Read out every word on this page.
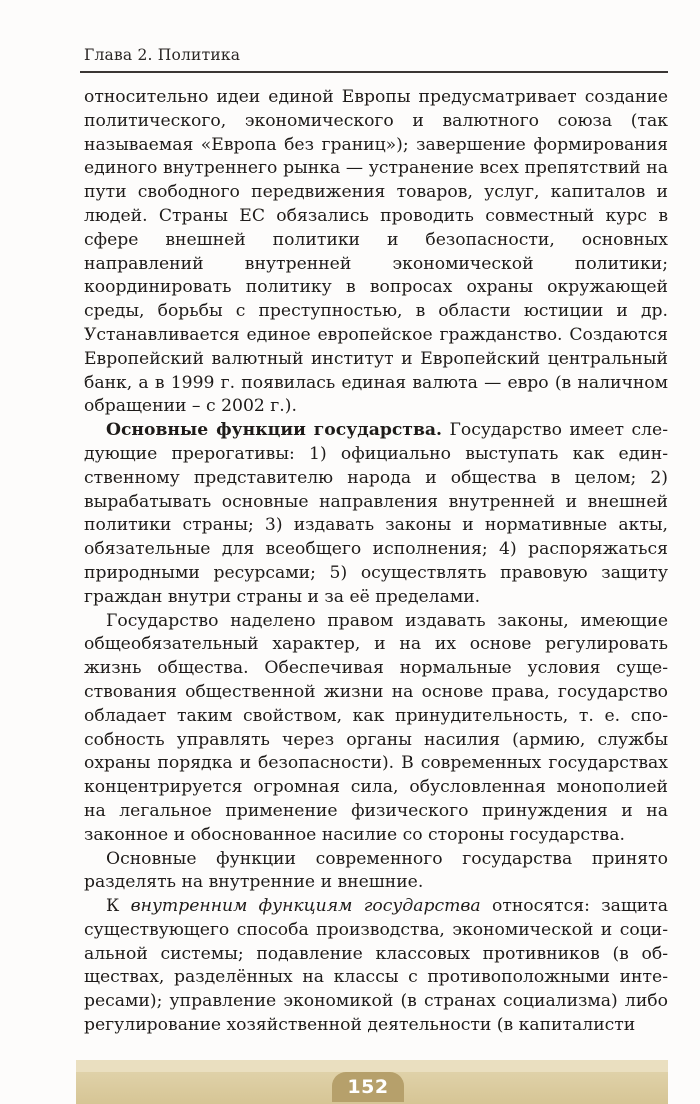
Глава 2. Политика

относительно идеи единой Европы предусматривает создание политического, экономического и валютного союза (так называемая «Европа без границ»); завершение формирования единого внутреннего рынка — устранение всех препятствий на пути свободного передвижения товаров, услуг, капиталов и людей. Страны ЕС обязались проводить совместный курс в сфере внешней политики и безопасности, основных направлений внутренней экономической политики; координировать политику в вопросах охраны окружающей среды, борьбы с преступностью, в области юстиции и др. Устанавливается единое европейское гражданство. Создаются Европейский валютный институт и Европейский центральный банк, а в 1999 г. появилась единая валюта — евро (в наличном обращении – с 2002 г.).

Основные функции государства. Государство имеет следующие прерогативы: 1) официально выступать как единственному представителю народа и общества в целом; 2) вырабатывать основные направления внутренней и внешней политики страны; 3) издавать законы и нормативные акты, обязательные для всеобщего исполнения; 4) распоряжаться природными ресурсами; 5) осуществлять правовую защиту граждан внутри страны и за её пределами.

Государство наделено правом издавать законы, имеющие общеобязательный характер, и на их основе регулировать жизнь общества. Обеспечивая нормальные условия существования общественной жизни на основе права, государство обладает таким свойством, как принудительность, т. е. способность управлять через органы насилия (армию, службы охраны порядка и безопасности). В современных государствах концентрируется огромная сила, обусловленная монополией на легальное применение физического принуждения и на законное и обоснованное насилие со стороны государства.

Основные функции современного государства принято разделять на внутренние и внешние.

К внутренним функциям государства относятся: защита существующего способа производства, экономической и социальной системы; подавление классовых противников (в обществах, разделённых на классы с противоположными интересами); управление экономикой (в странах социализма) либо регулирование хозяйственной деятельности (в капиталисти

152
